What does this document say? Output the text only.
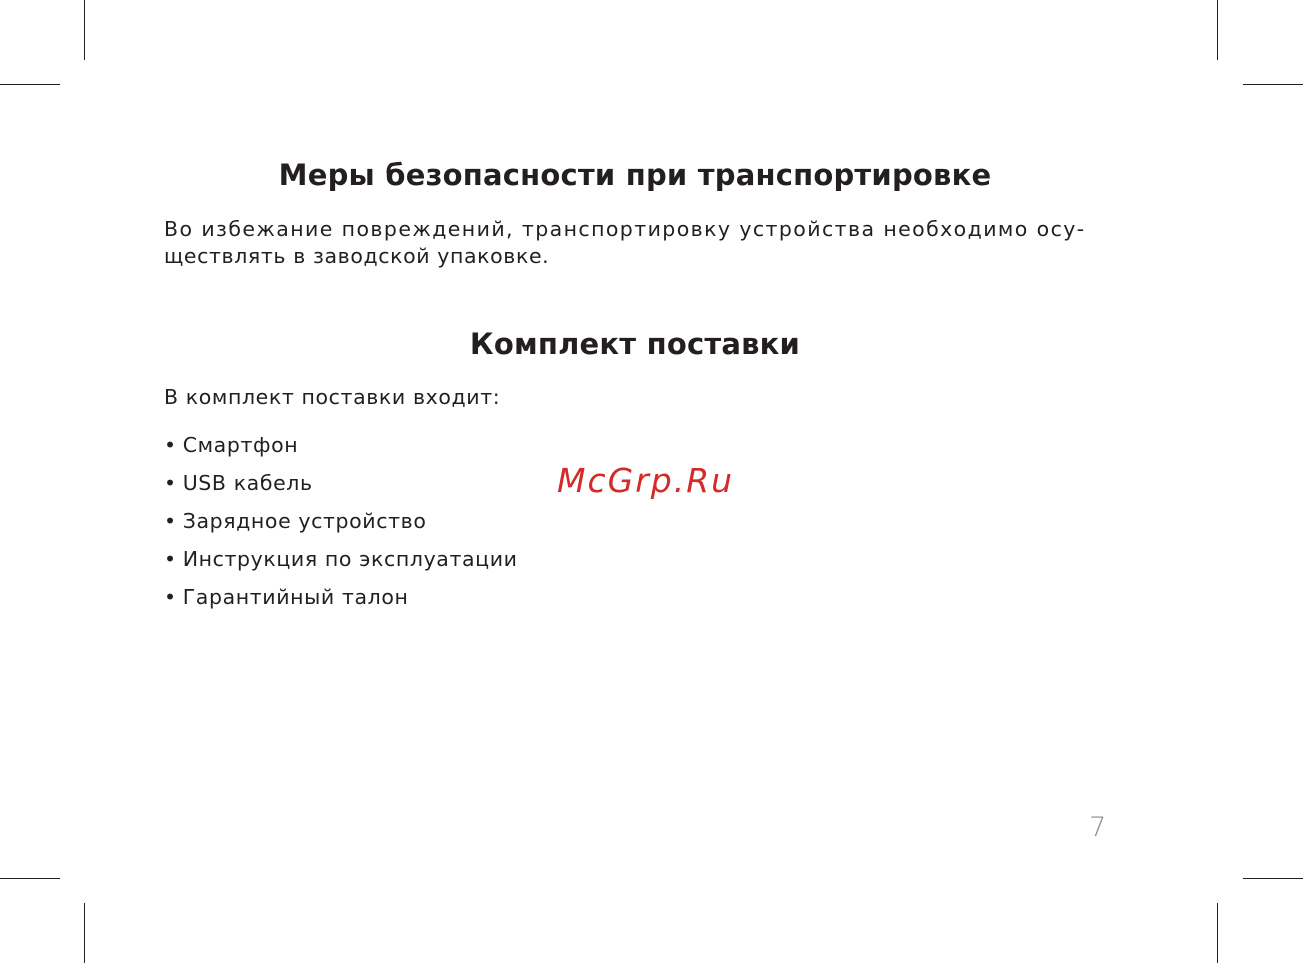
Меры безопасности при транспортировке

Во избежание повреждений, транспортировку устройства необходимо осу-
ществлять в заводской упаковке.

Комплект поставки

В комплект поставки входит:

• Смартфон
• USB кабель
• Зарядное устройство
• Инструкция по эксплуатации
• Гарантийный талон
McGrp.Ru
7
